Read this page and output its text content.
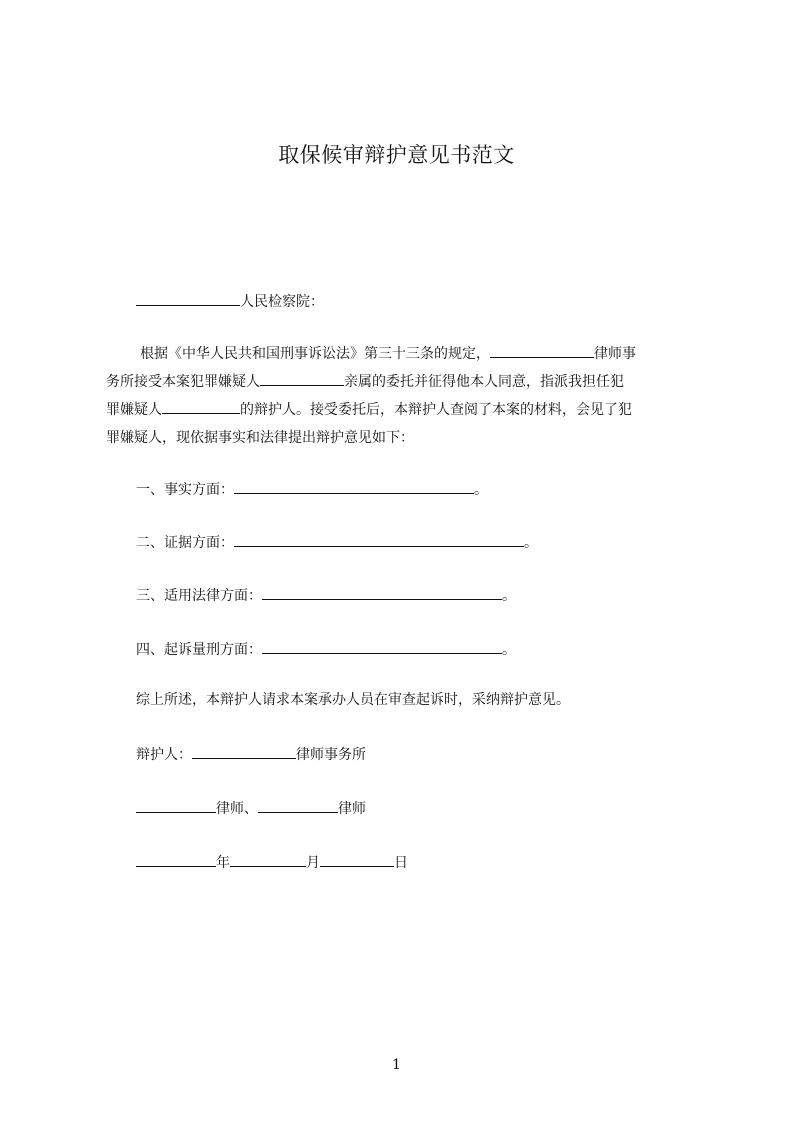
取保候审辩护意见书范文
人民检察院：
根据《中华人民共和国刑事诉讼法》第三十三条的规定，	律师事
务所接受本案犯罪嫌疑人	亲属的委托并征得他本人同意，指派我担任犯
罪嫌疑人	的辩护人。接受委托后，本辩护人查阅了本案的材料，会见了犯
罪嫌疑人，现依据事实和法律提出辩护意见如下：
一、事实方面：	。
二、证据方面：	。
三、适用法律方面：	。
四、起诉量刑方面：	。
综上所述，本辩护人请求本案承办人员在审查起诉时，采纳辩护意见。
辩护人：	律师事务所
律师、	律师
年	月	日
1
